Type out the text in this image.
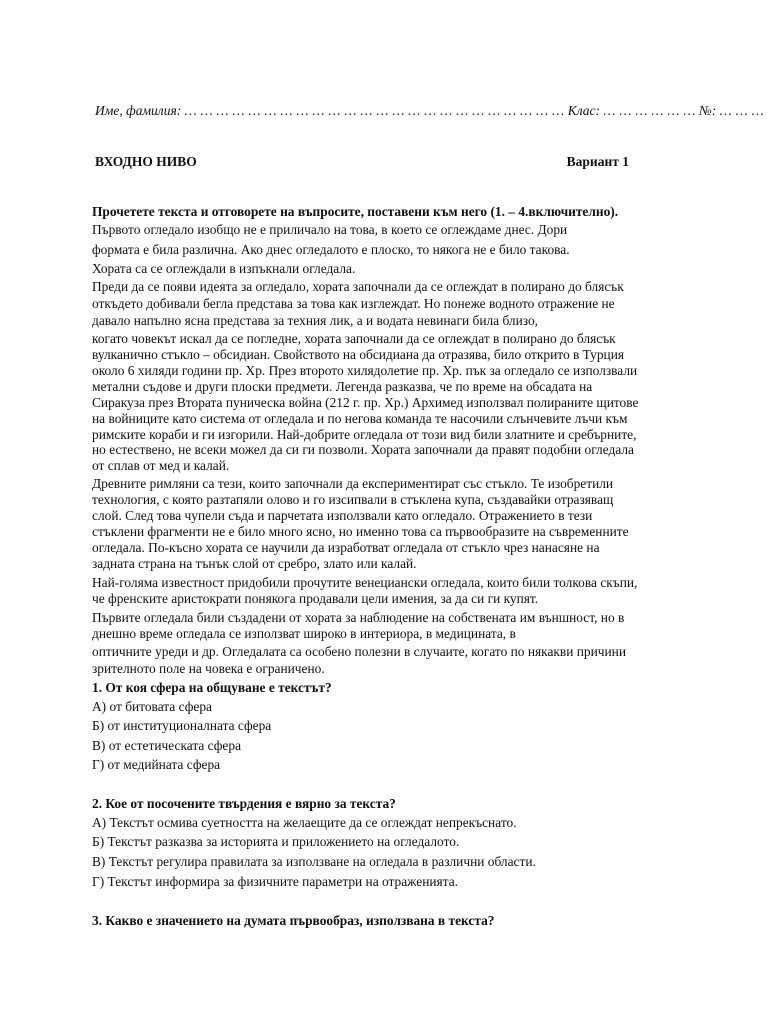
Име, фамилия: … … … … … … … … … … … … … … … … … … … … … … … … Клас: … … … … … … №: … … …
ВХОДНО НИВО	Вариант 1
Прочетете текста и отговорете на въпросите, поставени към него (1. – 4.включително).
Първото огледало изобщо не е приличало на това, в което се оглеждаме днес. Дори
формата е била различна. Ако днес огледалото е плоско, то някога не е било такова.
Хората са се оглеждали в изпъкнали огледала.
Преди да се появи идеята за огледало, хората започнали да се оглеждат в полирано до блясък
откъдето добивали бегла представа за това как изглеждат. Но понеже водното отражение не
давало напълно ясна представа за техния лик, а и водата невинаги била близо,
когато човекът искал да се погледне, хората започнали да се оглеждат в полирано до блясък
вулканично стъкло – обсидиан. Свойството на обсидиана да отразява, било открито в Турция
около 6 хиляди години пр. Хр. През второто хилядолетие пр. Хр. пък за огледало се използвали
метални съдове и други плоски предмети. Легенда разказва, че по време на обсадата на
Сиракуза през Втората пуническа война (212 г. пр. Хр.) Архимед използвал полираните щитове
на войниците като система от огледала и по негова команда те насочили слънчевите лъчи към
римските кораби и ги изгорили. Най-добрите огледала от този вид били златните и сребърните,
но естествено, не всеки можел да си ги позволи. Хората започнали да правят подобни огледала
от сплав от мед и калай.
Древните римляни са тези, които започнали да експериментират със стъкло. Те изобретили
технология, с която разтапяли олово и го изсипвали в стъклена купа, създавайки отразяващ
слой. След това чупели съда и парчетата използвали като огледало. Отражението в тези
стъклени фрагменти не е било много ясно, но именно това са първообразите на съвременните
огледала. По-късно хората се научили да изработват огледала от стъкло чрез нанасяне на
задната страна на тънък слой от сребро, злато или калай.
Най-голяма известност придобили прочутите венециански огледала, които били толкова скъпи,
че френските аристократи понякога продавали цели имения, за да си ги купят.
Първите огледала били създадени от хората за наблюдение на собствената им външност, но в
днешно време огледала се използват широко в интериора, в медицината, в
оптичните уреди и др. Огледалата са особено полезни в случаите, когато по някакви причини
зрителното поле на човека е ограничено.
1. От коя сфера на общуване е текстът?
А) от битовата сфера
Б) от институционалната сфера
В) от естетическата сфера
Г) от медийната сфера
2. Кое от посочените твърдения е вярно за текста?
А) Текстът осмива суетността на желаещите да се оглеждат непрекъснато.
Б) Текстът разказва за историята и приложението на огледалото.
В) Текстът регулира правилата за използване на огледала в различни области.
Г) Текстът информира за физичните параметри на отраженията.
3. Какво е значението на думата първообраз, използвана в текста?
